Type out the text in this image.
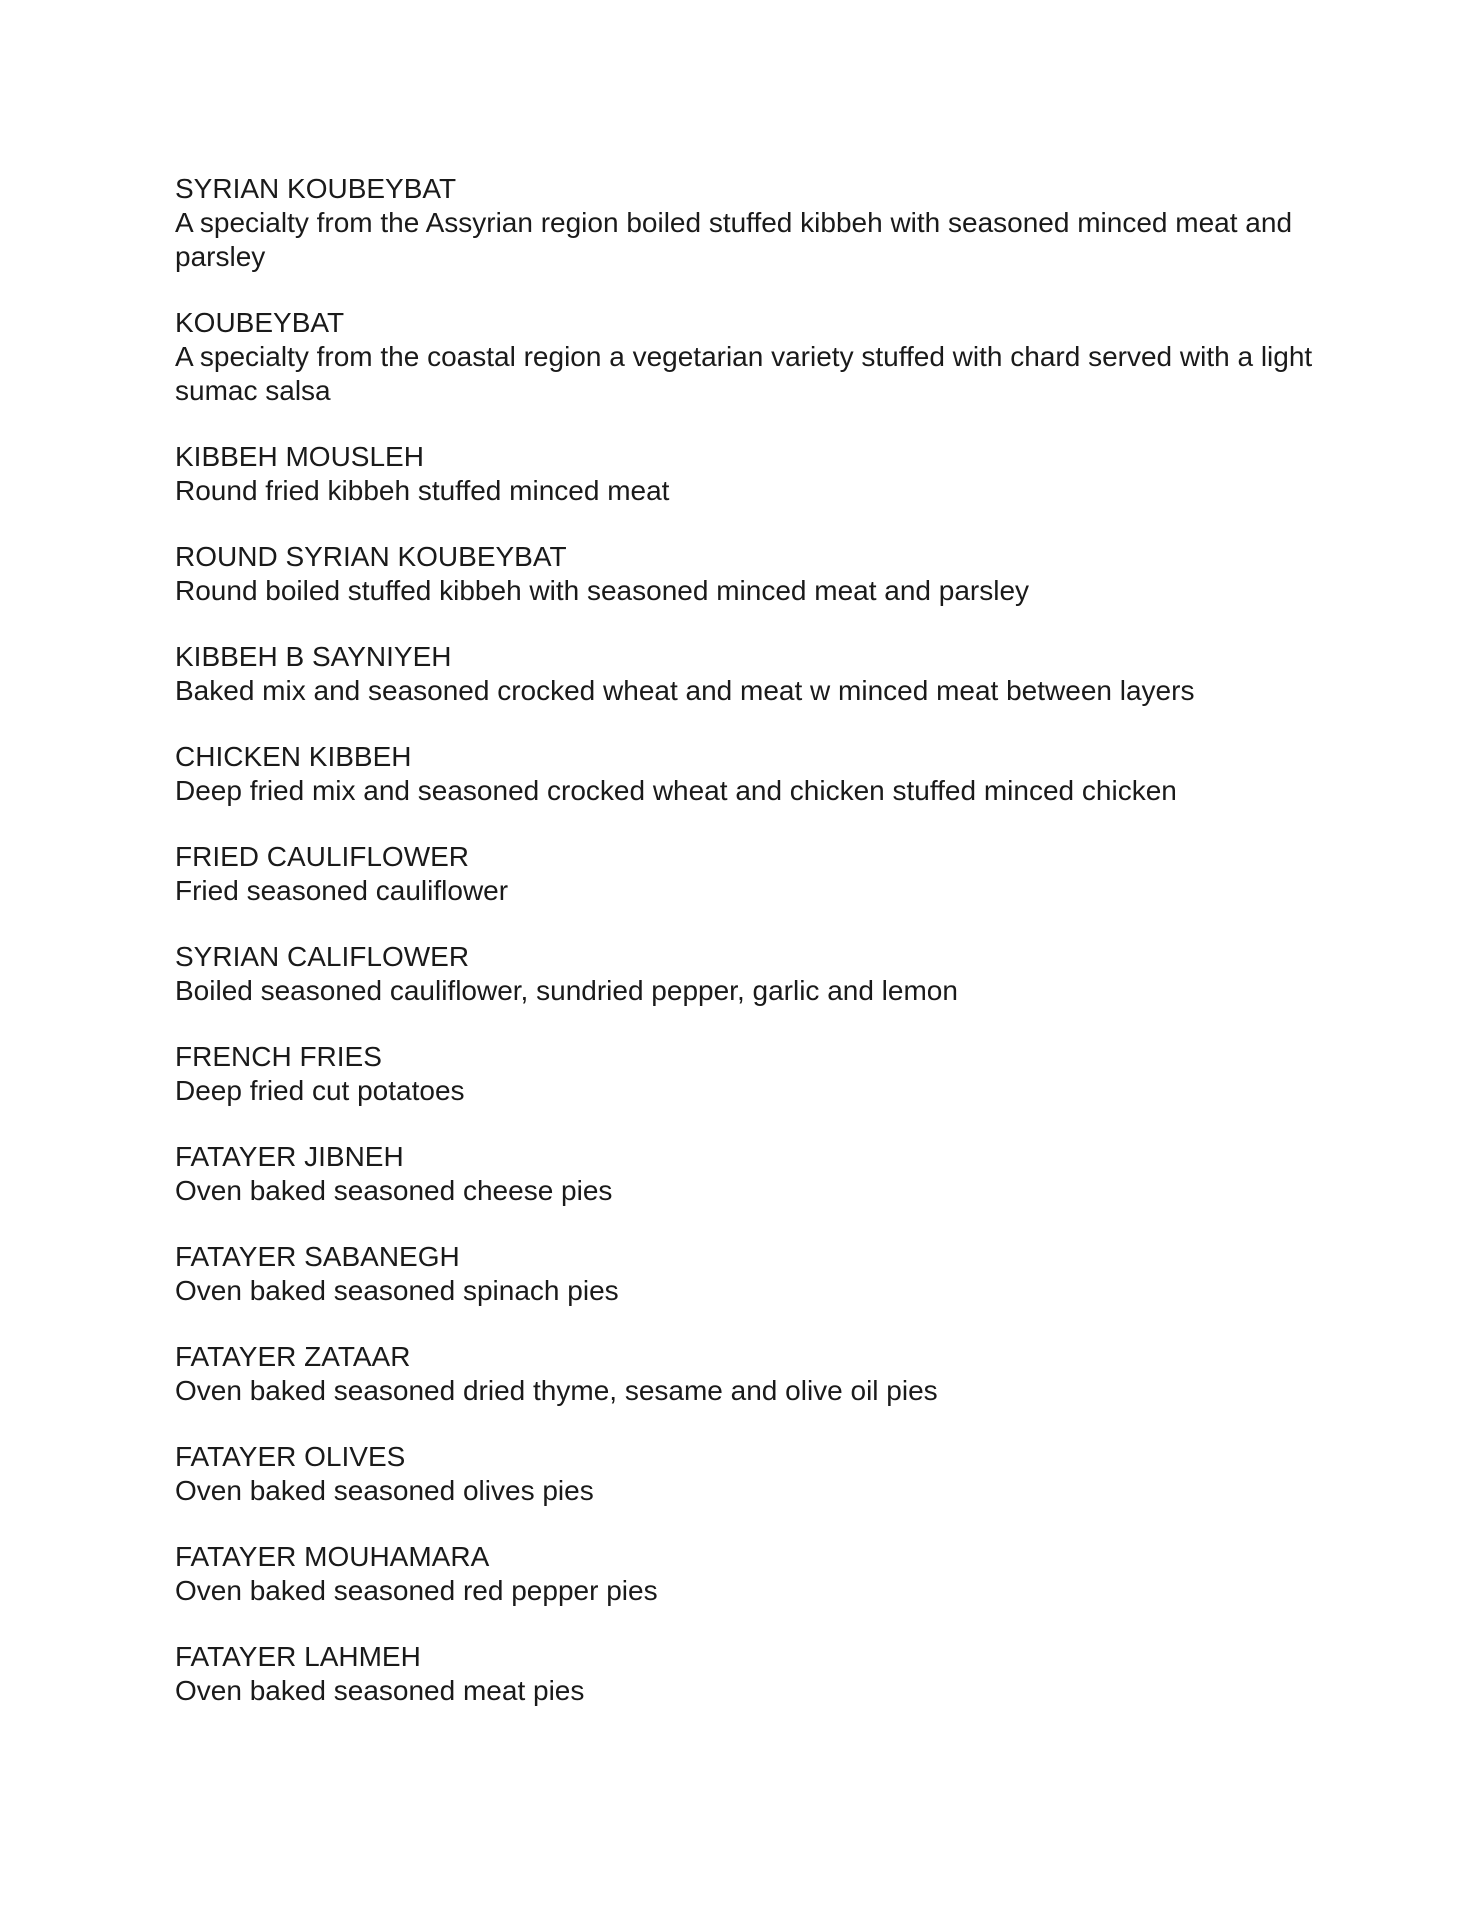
SYRIAN KOUBEYBAT
A specialty from the Assyrian region boiled stuffed kibbeh with seasoned minced meat and parsley
KOUBEYBAT
A specialty from the coastal region a vegetarian variety stuffed with chard served with a light sumac salsa
KIBBEH MOUSLEH
Round fried kibbeh stuffed minced meat
ROUND SYRIAN KOUBEYBAT
Round boiled stuffed kibbeh with seasoned minced meat and parsley
KIBBEH B SAYNIYEH
Baked mix and seasoned crocked wheat and meat w minced meat between layers
CHICKEN KIBBEH
Deep fried mix and seasoned crocked wheat and chicken stuffed minced chicken
FRIED CAULIFLOWER
Fried seasoned cauliflower
SYRIAN CALIFLOWER
Boiled seasoned cauliflower, sundried pepper, garlic and lemon
FRENCH FRIES
Deep fried cut potatoes
FATAYER JIBNEH
Oven baked seasoned cheese pies
FATAYER SABANEGH
Oven baked seasoned spinach pies
FATAYER ZATAAR
Oven baked seasoned dried thyme, sesame and olive oil pies
FATAYER OLIVES
Oven baked seasoned olives pies
FATAYER MOUHAMARA
Oven baked seasoned red pepper pies
FATAYER LAHMEH
Oven baked seasoned meat pies
